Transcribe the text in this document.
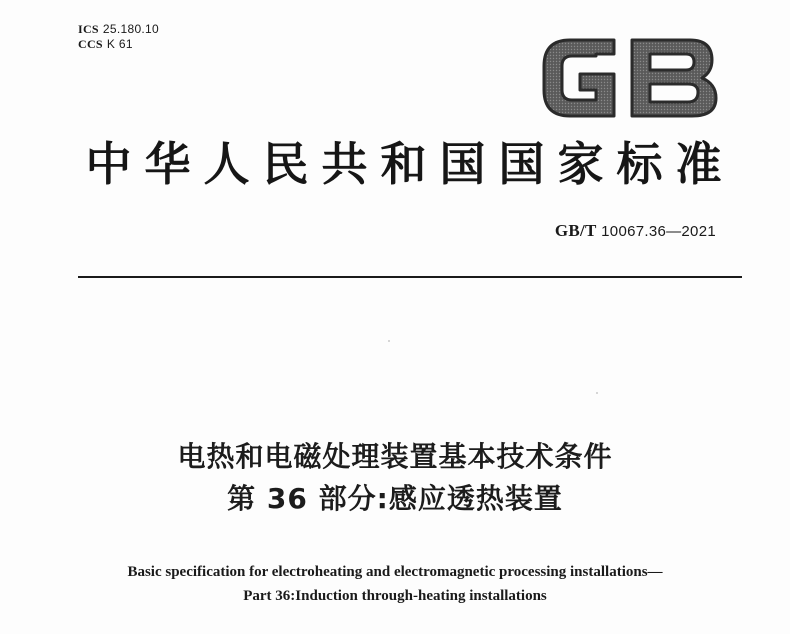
ICS 25.180.10
CCS K 61
中华人民共和国国家标准
GB/T 10067.36—2021
电热和电磁处理装置基本技术条件
第 36 部分:感应透热装置
Basic specification for electroheating and electromagnetic processing installations—
Part 36:Induction through-heating installations
